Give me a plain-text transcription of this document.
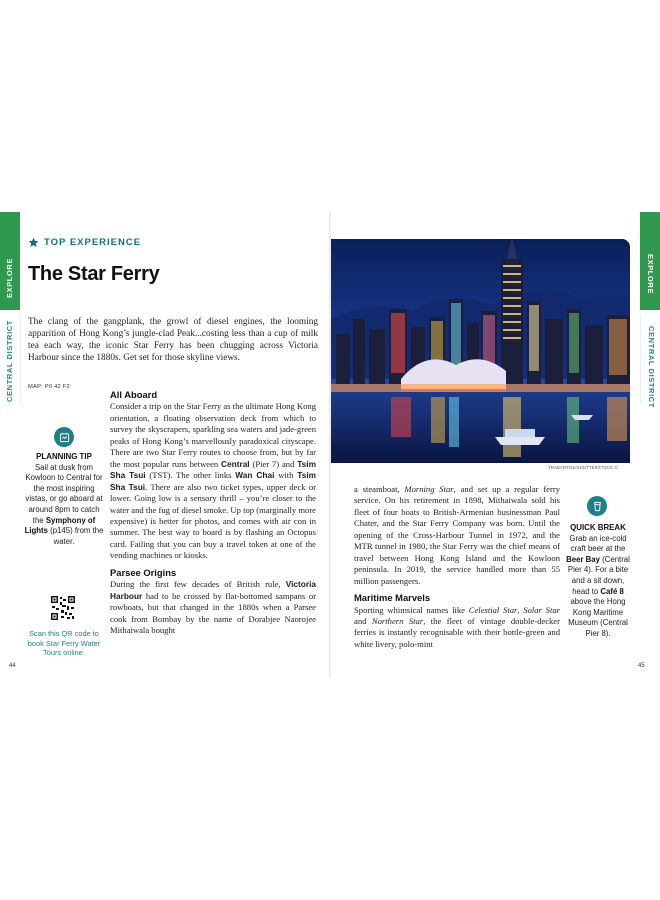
EXPLORE
CENTRAL DISTRICT
TOP EXPERIENCE
The Star Ferry

The clang of the gangplank, the growl of diesel engines, the looming apparition of Hong Kong’s jungle-clad Peak...costing less than a cup of milk tea each way, the iconic Star Ferry has been chugging across Victoria Harbour since the 1880s. Get set for those skyline views.

MAP: P0 42 F2
PLANNING TIP
Sail at dusk from Kowloon to Central for the most inspiring vistas, or go aboard at around 8pm to catch the Symphony of Lights (p145) from the water.
Scan this QR code to book Star Ferry Water Tours online.
All Aboard

Consider a trip on the Star Ferry as the ultimate Hong Kong orientation, a floating observation deck from which to survey the skyscrapers, sparkling sea waters and jade-green peaks of Hong Kong’s marvellously paradoxical cityscape. There are two Star Ferry routes to choose from, but by far the most popular runs between Central (Pier 7) and Tsim Sha Tsui (TST). The other links Wan Chai with Tsim Sha Tsui. There are also two ticket types, upper deck or lower. Going low is a sensory thrill – you’re closer to the water and the fug of diesel smoke. Up top (marginally more expensive) is better for photos, and comes with air con in summer. The best way to board is by flashing an Octopus card. Failing that you can buy a travel token at one of the vending machines or kiosks.

Parsee Origins

During the first few decades of British rule, Victoria Harbour had to be crossed by flat-bottomed sampans or rowboats, but that changed in the 1880s when a Parsee cook from Bombay by the name of Dorabjee Naorojee Mithaiwala bought

44
EXPLORE
CENTRAL DISTRICT
TRABANTOS/SHUTTERSTOCK ©

a steamboat, Morning Star, and set up a regular ferry service. On his retirement in 1898, Mithaiwala sold his fleet of four boats to British-Armenian businessman Paul Chater, and the Star Ferry Company was born. Until the opening of the Cross-Harbour Tunnel in 1972, and the MTR tunnel in 1980, the Star Ferry was the chief means of travel between Hong Kong Island and the Kowloon peninsula. In 2019, the service handled more than 55 million passengers.

Maritime Marvels

Sporting whimsical names like Celestial Star, Solar Star and Northern Star, the fleet of vintage double-decker ferries is instantly recognisable with their bottle-green and white livery, polo-mint

QUICK BREAK
Grab an ice-cold craft beer at the Beer Bay (Central Pier 4). For a bite and a sit down, head to Café 8 above the Hong Kong Maritime Museum (Central Pier 8).
45
